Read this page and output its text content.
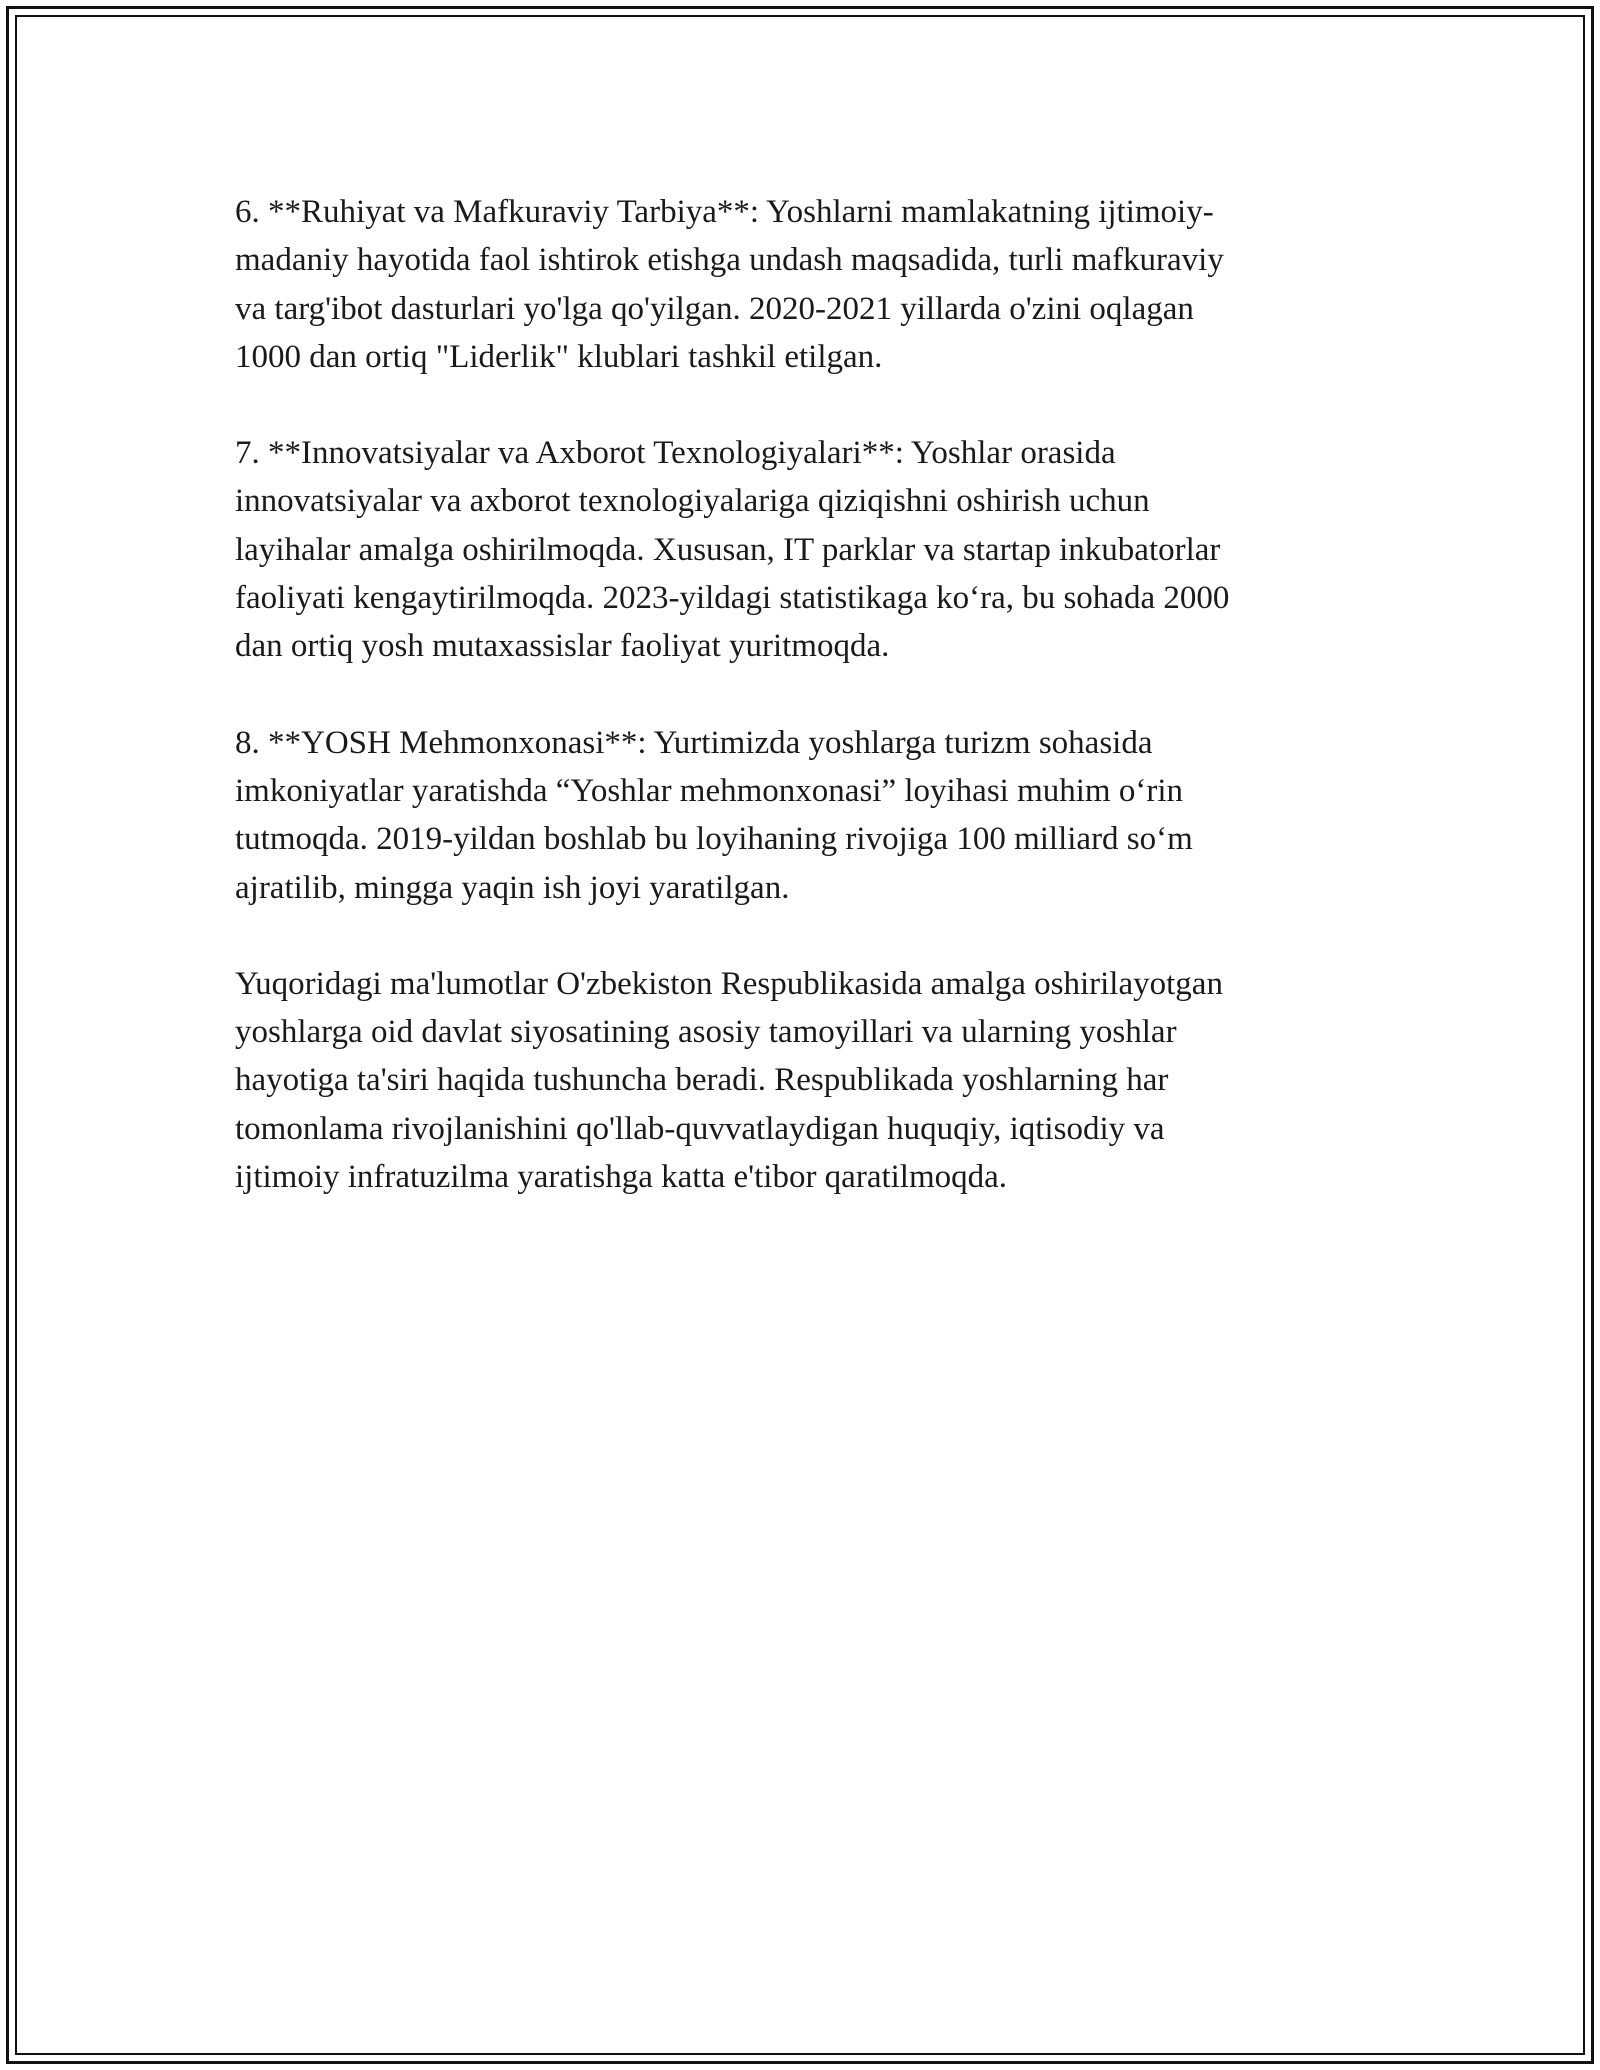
6. **Ruhiyat va Mafkuraviy Tarbiya**: Yoshlarni mamlakatning ijtimoiy-
madaniy hayotida faol ishtirok etishga undash maqsadida, turli mafkuraviy
va targ'ibot dasturlari yo'lga qo'yilgan. 2020-2021 yillarda o'zini oqlagan
1000 dan ortiq "Liderlik" klublari tashkil etilgan.

7. **Innovatsiyalar va Axborot Texnologiyalari**: Yoshlar orasida
innovatsiyalar va axborot texnologiyalariga qiziqishni oshirish uchun
layihalar amalga oshirilmoqda. Xususan, IT parklar va startap inkubatorlar
faoliyati kengaytirilmoqda. 2023-yildagi statistikaga koʻra, bu sohada 2000
dan ortiq yosh mutaxassislar faoliyat yuritmoqda.

8. **YOSH Mehmonxonasi**: Yurtimizda yoshlarga turizm sohasida
imkoniyatlar yaratishda “Yoshlar mehmonxonasi” loyihasi muhim oʻrin
tutmoqda. 2019-yildan boshlab bu loyihaning rivojiga 100 milliard soʻm
ajratilib, mingga yaqin ish joyi yaratilgan.

Yuqoridagi ma'lumotlar O'zbekiston Respublikasida amalga oshirilayotgan
yoshlarga oid davlat siyosatining asosiy tamoyillari va ularning yoshlar
hayotiga ta'siri haqida tushuncha beradi. Respublikada yoshlarning har
tomonlama rivojlanishini qo'llab-quvvatlaydigan huquqiy, iqtisodiy va
ijtimoiy infratuzilma yaratishga katta e'tibor qaratilmoqda.
